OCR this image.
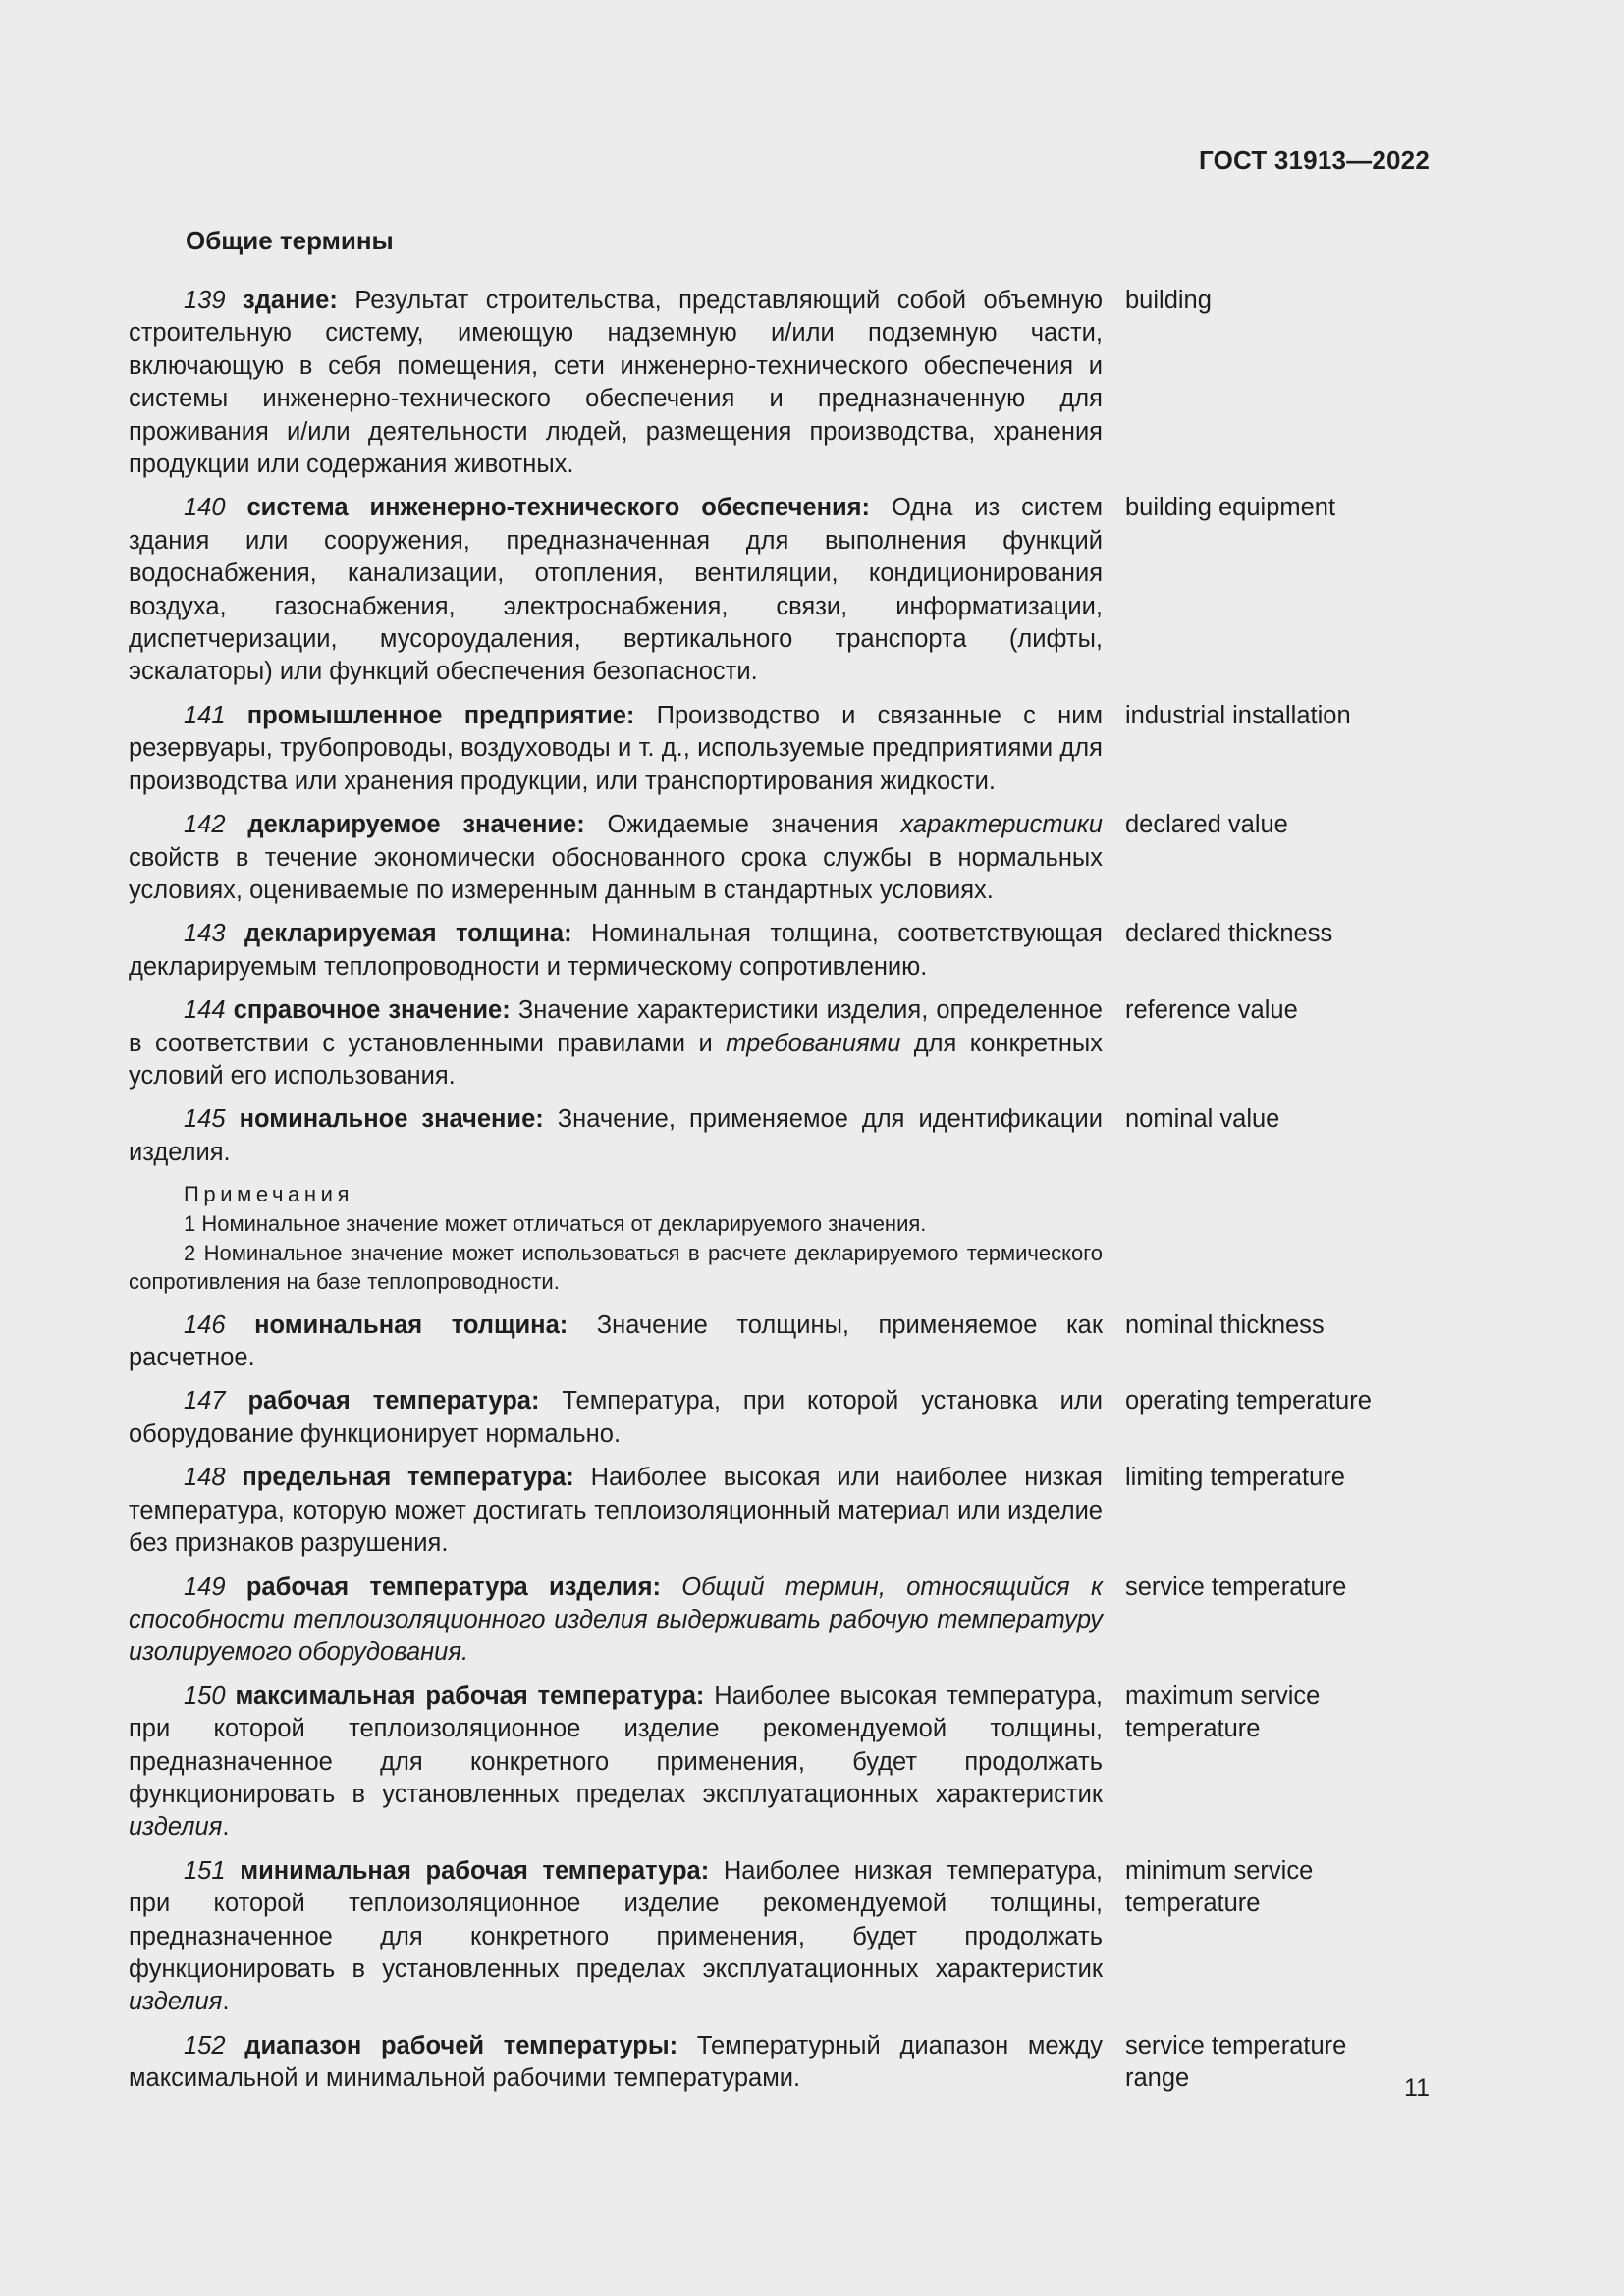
ГОСТ 31913—2022
Общие термины

139 здание: Результат строительства, представляющий собой объемную строительную систему, имеющую надземную и/или подземную части, включающую в себя помещения, сети инженерно-технического обеспечения и системы инженерно-технического обеспечения и предназначенную для проживания и/или деятельности людей, размещения производства, хранения продукции или содержания животных.

building

140 система инженерно-технического обеспечения: Одна из систем здания или сооружения, предназначенная для выполнения функций водоснабжения, канализации, отопления, вентиляции, кондиционирования воздуха, газоснабжения, электроснабжения, связи, информатизации, диспетчеризации, мусороудаления, вертикального транспорта (лифты, эскалаторы) или функций обеспечения безопасности.

building equipment

141 промышленное предприятие: Производство и связанные с ним резервуары, трубопроводы, воздуховоды и т. д., используемые предприятиями для производства или хранения продукции, или транспортирования жидкости.

industrial installation

142 декларируемое значение: Ожидаемые значения характеристики свойств в течение экономически обоснованного срока службы в нормальных условиях, оцениваемые по измеренным данным в стандартных условиях.

declared value

143 декларируемая толщина: Номинальная толщина, соответствующая декларируемым теплопроводности и термическому сопротивлению.

declared thickness

144 справочное значение: Значение характеристики изделия, определенное в соответствии с установленными правилами и требованиями для конкретных условий его использования.

reference value

145 номинальное значение: Значение, применяемое для идентификации изделия.

nominal value
Примечания

1 Номинальное значение может отличаться от декларируемого значения.

2 Номинальное значение может использоваться в расчете декларируемого термического сопротивления на базе теплопроводности.

146 номинальная толщина: Значение толщины, применяемое как расчетное.

nominal thickness

147 рабочая температура: Температура, при которой установка или оборудование функционирует нормально.

operating temperature

148 предельная температура: Наиболее высокая или наиболее низкая температура, которую может достигать теплоизоляционный материал или изделие без признаков разрушения.

limiting temperature

149 рабочая температура изделия: Общий термин, относящийся к способности теплоизоляционного изделия выдерживать рабочую температуру изолируемого оборудования.

service temperature

150 максимальная рабочая температура: Наиболее высокая температура, при которой теплоизоляционное изделие рекомендуемой толщины, предназначенное для конкретного применения, будет продолжать функционировать в установленных пределах эксплуатационных характеристик изделия.

maximum service temperature

151 минимальная рабочая температура: Наиболее низкая температура, при которой теплоизоляционное изделие рекомендуемой толщины, предназначенное для конкретного применения, будет продолжать функционировать в установленных пределах эксплуатационных характеристик изделия.

minimum service temperature

152 диапазон рабочей температуры: Температурный диапазон между максимальной и минимальной рабочими температурами.

service temperature range	11
